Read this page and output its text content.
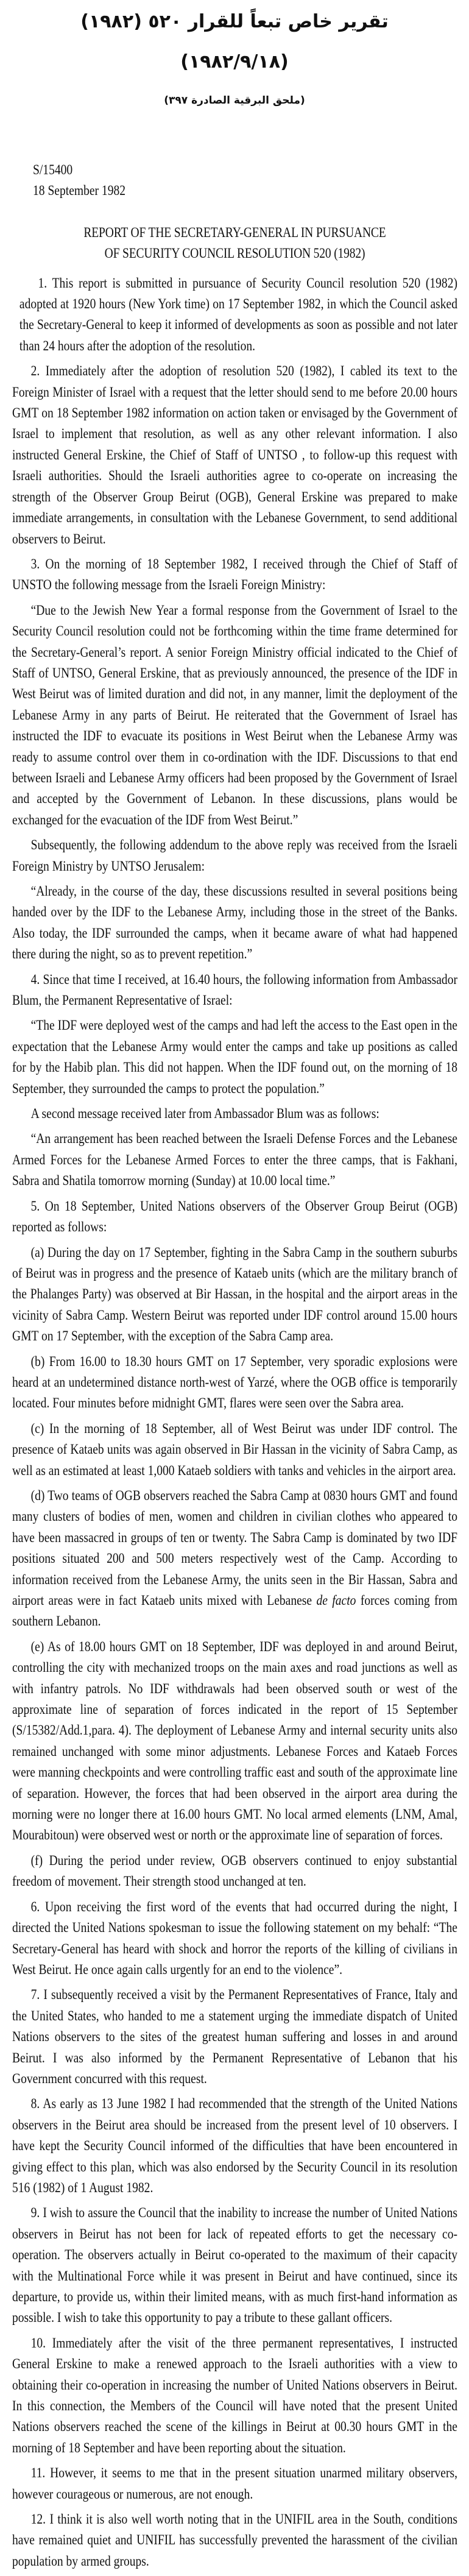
تقرير خاص تبعاً للقرار ٥٢٠ (١٩٨٢)
(١٩٨٢/٩/١٨)
(ملحق البرقية الصادرة ٣٩٧)
S/15400
18 September 1982
REPORT OF THE SECRETARY-GENERAL IN PURSUANCE
OF SECURITY COUNCIL RESOLUTION 520 (1982)

1. This report is submitted in pursuance of Security Council resolution 520 (1982) adopted at 1920 hours (New York time) on 17 September 1982, in which the Council asked the Secretary-General to keep it informed of developments as soon as possible and not later than 24 hours after the adoption of the resolution.

2. Immediately after the adoption of resolution 520 (1982), I cabled its text to the Foreign Minister of Israel with a request that the letter should send to me before 20.00 hours GMT on 18 September 1982 information on action taken or envisaged by the Government of Israel to implement that resolution, as well as any other relevant information. I also instructed General Erskine, the Chief of Staff of UNTSO , to follow-up this request with Israeli authorities. Should the Israeli authorities agree to co-operate on increasing the strength of the Observer Group Beirut (OGB), General Erskine was prepared to make immediate arrangements, in consultation with the Lebanese Government, to send additional observers to Beirut.

3. On the morning of 18 September 1982, I received through the Chief of Staff of UNSTO the following message from the Israeli Foreign Ministry:

“Due to the Jewish New Year a formal response from the Government of Israel to the Security Council resolution could not be forthcoming within the time frame determined for the Secretary-General’s report. A senior Foreign Ministry official indicated to the Chief of Staff of UNTSO, General Erskine, that as previously announced, the presence of the IDF in West Beirut was of limited duration and did not, in any manner, limit the deployment of the Lebanese Army in any parts of Beirut. He reiterated that the Government of Israel has instructed the IDF to evacuate its positions in West Beirut when the Lebanese Army was ready to assume control over them in co-ordination with the IDF. Discussions to that end between Israeli and Lebanese Army officers had been proposed by the Government of Israel and accepted by the Government of Lebanon. In these discussions, plans would be exchanged for the evacuation of the IDF from West Beirut.”

Subsequently, the following addendum to the above reply was received from the Israeli Foreign Ministry by UNTSO Jerusalem:

“Already, in the course of the day, these discussions resulted in several positions being handed over by the IDF to the Lebanese Army, including those in the street of the Banks. Also today, the IDF surrounded the camps, when it became aware of what had happened there during the night, so as to prevent repetition.”

4. Since that time I received, at 16.40 hours, the following information from Ambassador Blum, the Permanent Representative of Israel:

“The IDF were deployed west of the camps and had left the access to the East open in the expectation that the Lebanese Army would enter the camps and take up positions as called for by the Habib plan. This did not happen. When the IDF found out, on the morning of 18 September, they surrounded the camps to protect the population.”

A second message received later from Ambassador Blum was as follows:

“An arrangement has been reached between the Israeli Defense Forces and the Lebanese Armed Forces for the Lebanese Armed Forces to enter the three camps, that is Fakhani, Sabra and Shatila tomorrow morning (Sunday) at 10.00 local time.”

5. On 18 September, United Nations observers of the Observer Group Beirut (OGB) reported as follows:

(a) During the day on 17 September, fighting in the Sabra Camp in the southern suburbs of Beirut was in progress and the presence of Kataeb units (which are the military branch of the Phalanges Party) was observed at Bir Hassan, in the hospital and the airport areas in the vicinity of Sabra Camp. Western Beirut was reported under IDF control around 15.00 hours GMT on 17 September, with the exception of the Sabra Camp area.

(b) From 16.00 to 18.30 hours GMT on 17 September, very sporadic explosions were heard at an undetermined distance north-west of Yarzé, where the OGB office is temporarily located. Four minutes before midnight GMT, flares were seen over the Sabra area.

(c) In the morning of 18 September, all of West Beirut was under IDF control. The presence of Kataeb units was again observed in Bir Hassan in the vicinity of Sabra Camp, as well as an estimated at least 1,000 Kataeb soldiers with tanks and vehicles in the airport area.

(d) Two teams of OGB observers reached the Sabra Camp at 0830 hours GMT and found many clusters of bodies of men, women and children in civilian clothes who appeared to have been massacred in groups of ten or twenty. The Sabra Camp is dominated by two IDF positions situated 200 and 500 meters respectively west of the Camp. According to information received from the Lebanese Army, the units seen in the Bir Hassan, Sabra and airport areas were in fact Kataeb units mixed with Lebanese de facto forces coming from southern Lebanon.

(e) As of 18.00 hours GMT on 18 September, IDF was deployed in and around Beirut, controlling the city with mechanized troops on the main axes and road junctions as well as with infantry patrols. No IDF withdrawals had been observed south or west of the approximate line of separation of forces indicated in the report of 15 September (S/15382/Add.1,para. 4). The deployment of Lebanese Army and internal security units also remained unchanged with some minor adjustments. Lebanese Forces and Kataeb Forces were manning checkpoints and were controlling traffic east and south of the approximate line of separation. However, the forces that had been observed in the airport area during the morning were no longer there at 16.00 hours GMT. No local armed elements (LNM, Amal, Mourabitoun) were observed west or north or the approximate line of separation of forces.

(f) During the period under review, OGB observers continued to enjoy substantial freedom of movement. Their strength stood unchanged at ten.

6. Upon receiving the first word of the events that had occurred during the night, I directed the United Nations spokesman to issue the following statement on my behalf: “The Secretary-General has heard with shock and horror the reports of the killing of civilians in West Beirut. He once again calls urgently for an end to the violence”.

7. I subsequently received a visit by the Permanent Representatives of France, Italy and the United States, who handed to me a statement urging the immediate dispatch of United Nations observers to the sites of the greatest human suffering and losses in and around Beirut. I was also informed by the Permanent Representative of Lebanon that his Government concurred with this request.

8. As early as 13 June 1982 I had recommended that the strength of the United Nations observers in the Beirut area should be increased from the present level of 10 observers. I have kept the Security Council informed of the difficulties that have been encountered in giving effect to this plan, which was also endorsed by the Security Council in its resolution 516 (1982) of 1 August 1982.

9. I wish to assure the Council that the inability to increase the number of United Nations observers in Beirut has not been for lack of repeated efforts to get the necessary co-operation. The observers actually in Beirut co-operated to the maximum of their capacity with the Multinational Force while it was present in Beirut and have continued, since its departure, to provide us, within their limited means, with as much first-hand information as possible. I wish to take this opportunity to pay a tribute to these gallant officers.

10. Immediately after the visit of the three permanent representatives, I instructed General Erskine to make a renewed approach to the Israeli authorities with a view to obtaining their co-operation in increasing the number of United Nations observers in Beirut. In this connection, the Members of the Council will have noted that the present United Nations observers reached the scene of the killings in Beirut at 00.30 hours GMT in the morning of 18 September and have been reporting about the situation.

11. However, it seems to me that in the present situation unarmed military observers, however courageous or numerous, are not enough.

12. I think it is also well worth noting that in the UNIFIL area in the South, conditions have remained quiet and UNIFIL has successfully prevented the harassment of the civilian population by armed groups.
